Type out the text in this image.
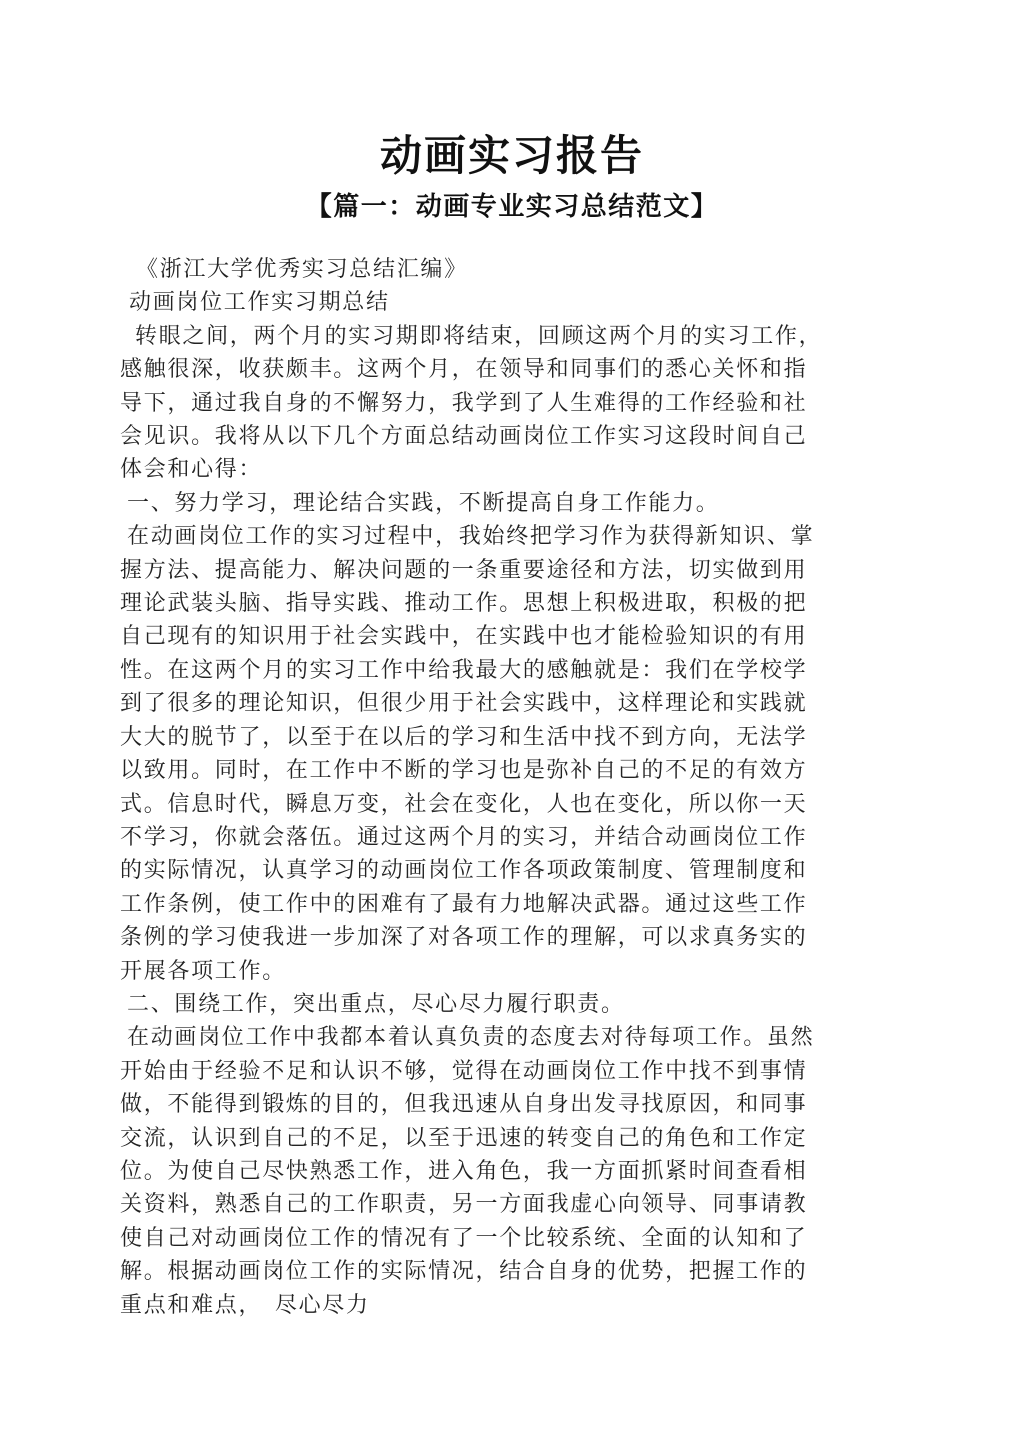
动画实习报告
【篇一：动画专业实习总结范文】
《浙江大学优秀实习总结汇编》
动画岗位工作实习期总结
转眼之间，两个月的实习期即将结束，回顾这两个月的实习工作，
感触很深，收获颇丰。这两个月，在领导和同事们的悉心关怀和指
导下，通过我自身的不懈努力，我学到了人生难得的工作经验和社
会见识。我将从以下几个方面总结动画岗位工作实习这段时间自己
体会和心得：
一、努力学习，理论结合实践，不断提高自身工作能力。
在动画岗位工作的实习过程中，我始终把学习作为获得新知识、掌
握方法、提高能力、解决问题的一条重要途径和方法，切实做到用
理论武装头脑、指导实践、推动工作。思想上积极进取，积极的把
自己现有的知识用于社会实践中，在实践中也才能检验知识的有用
性。在这两个月的实习工作中给我最大的感触就是：我们在学校学
到了很多的理论知识，但很少用于社会实践中，这样理论和实践就
大大的脱节了，以至于在以后的学习和生活中找不到方向，无法学
以致用。同时，在工作中不断的学习也是弥补自己的不足的有效方
式。信息时代，瞬息万变，社会在变化，人也在变化，所以你一天
不学习，你就会落伍。通过这两个月的实习，并结合动画岗位工作
的实际情况，认真学习的动画岗位工作各项政策制度、管理制度和
工作条例，使工作中的困难有了最有力地解决武器。通过这些工作
条例的学习使我进一步加深了对各项工作的理解，可以求真务实的
开展各项工作。
二、围绕工作，突出重点，尽心尽力履行职责。
在动画岗位工作中我都本着认真负责的态度去对待每项工作。虽然
开始由于经验不足和认识不够，觉得在动画岗位工作中找不到事情
做，不能得到锻炼的目的，但我迅速从自身出发寻找原因，和同事
交流，认识到自己的不足，以至于迅速的转变自己的角色和工作定
位。为使自己尽快熟悉工作，进入角色，我一方面抓紧时间查看相
关资料，熟悉自己的工作职责，另一方面我虚心向领导、同事请教
使自己对动画岗位工作的情况有了一个比较系统、全面的认知和了
解。根据动画岗位工作的实际情况，结合自身的优势，把握工作的
重点和难点，　尽心尽力
